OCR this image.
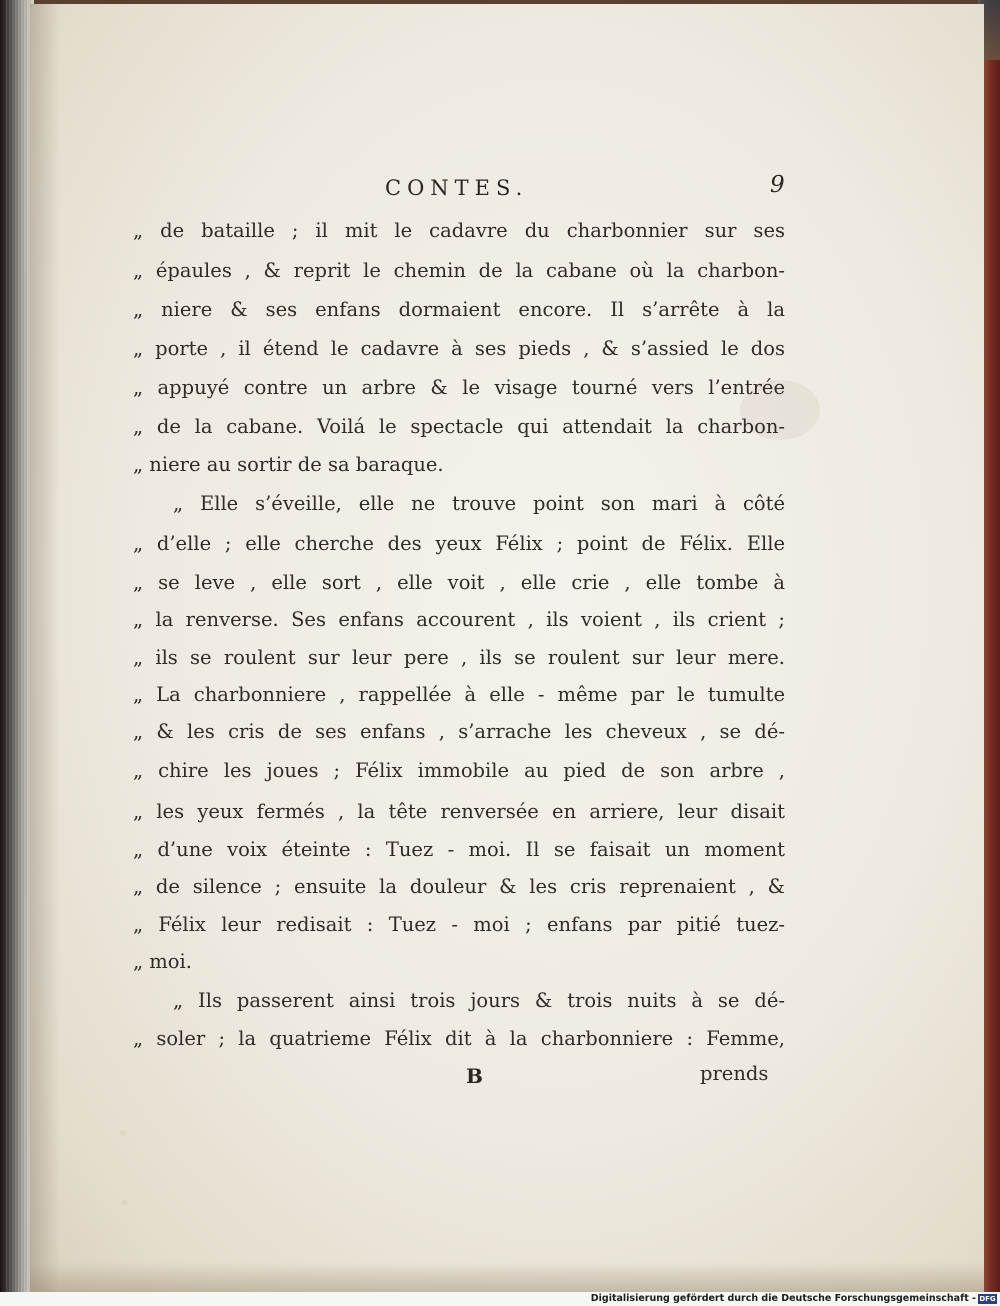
CONTES.	9
„ de bataille ; il mit le cadavre du charbonnier sur ses
„ épaules , & reprit le chemin de la cabane où la charbon-
„ niere & ses enfans dormaient encore. Il s’arrête à la
„ porte , il étend le cadavre à ses pieds , & s’assied le dos
„ appuyé contre un arbre & le visage tourné vers l’entrée
„ de la cabane. Voilá le spectacle qui attendait la charbon-
„ niere au sortir de sa baraque.
„ Elle s’éveille, elle ne trouve point son mari à côté
„ d’elle ; elle cherche des yeux Félix ; point de Félix. Elle
„ se leve , elle sort , elle voit , elle crie , elle tombe à
„ la renverse. Ses enfans accourent , ils voient , ils crient ;
„ ils se roulent sur leur pere , ils se roulent sur leur mere.
„ La charbonniere , rappellée à elle - même par le tumulte
„ & les cris de ses enfans , s’arrache les cheveux , se dé-
„ chire les joues ; Félix immobile au pied de son arbre ,
„ les yeux fermés , la tête renversée en arriere, leur disait
„ d’une voix éteinte : Tuez - moi. Il se faisait un moment
„ de silence ; ensuite la douleur & les cris reprenaient , &
„ Félix leur redisait : Tuez - moi ; enfans par pitié tuez-
„ moi.
„ Ils passerent ainsi trois jours & trois nuits à se dé-
„ soler ; la quatrieme Félix dit à la charbonniere : Femme,
B	prends
Digitalisierung gefördert durch die Deutsche Forschungsgemeinschaft - DFG
